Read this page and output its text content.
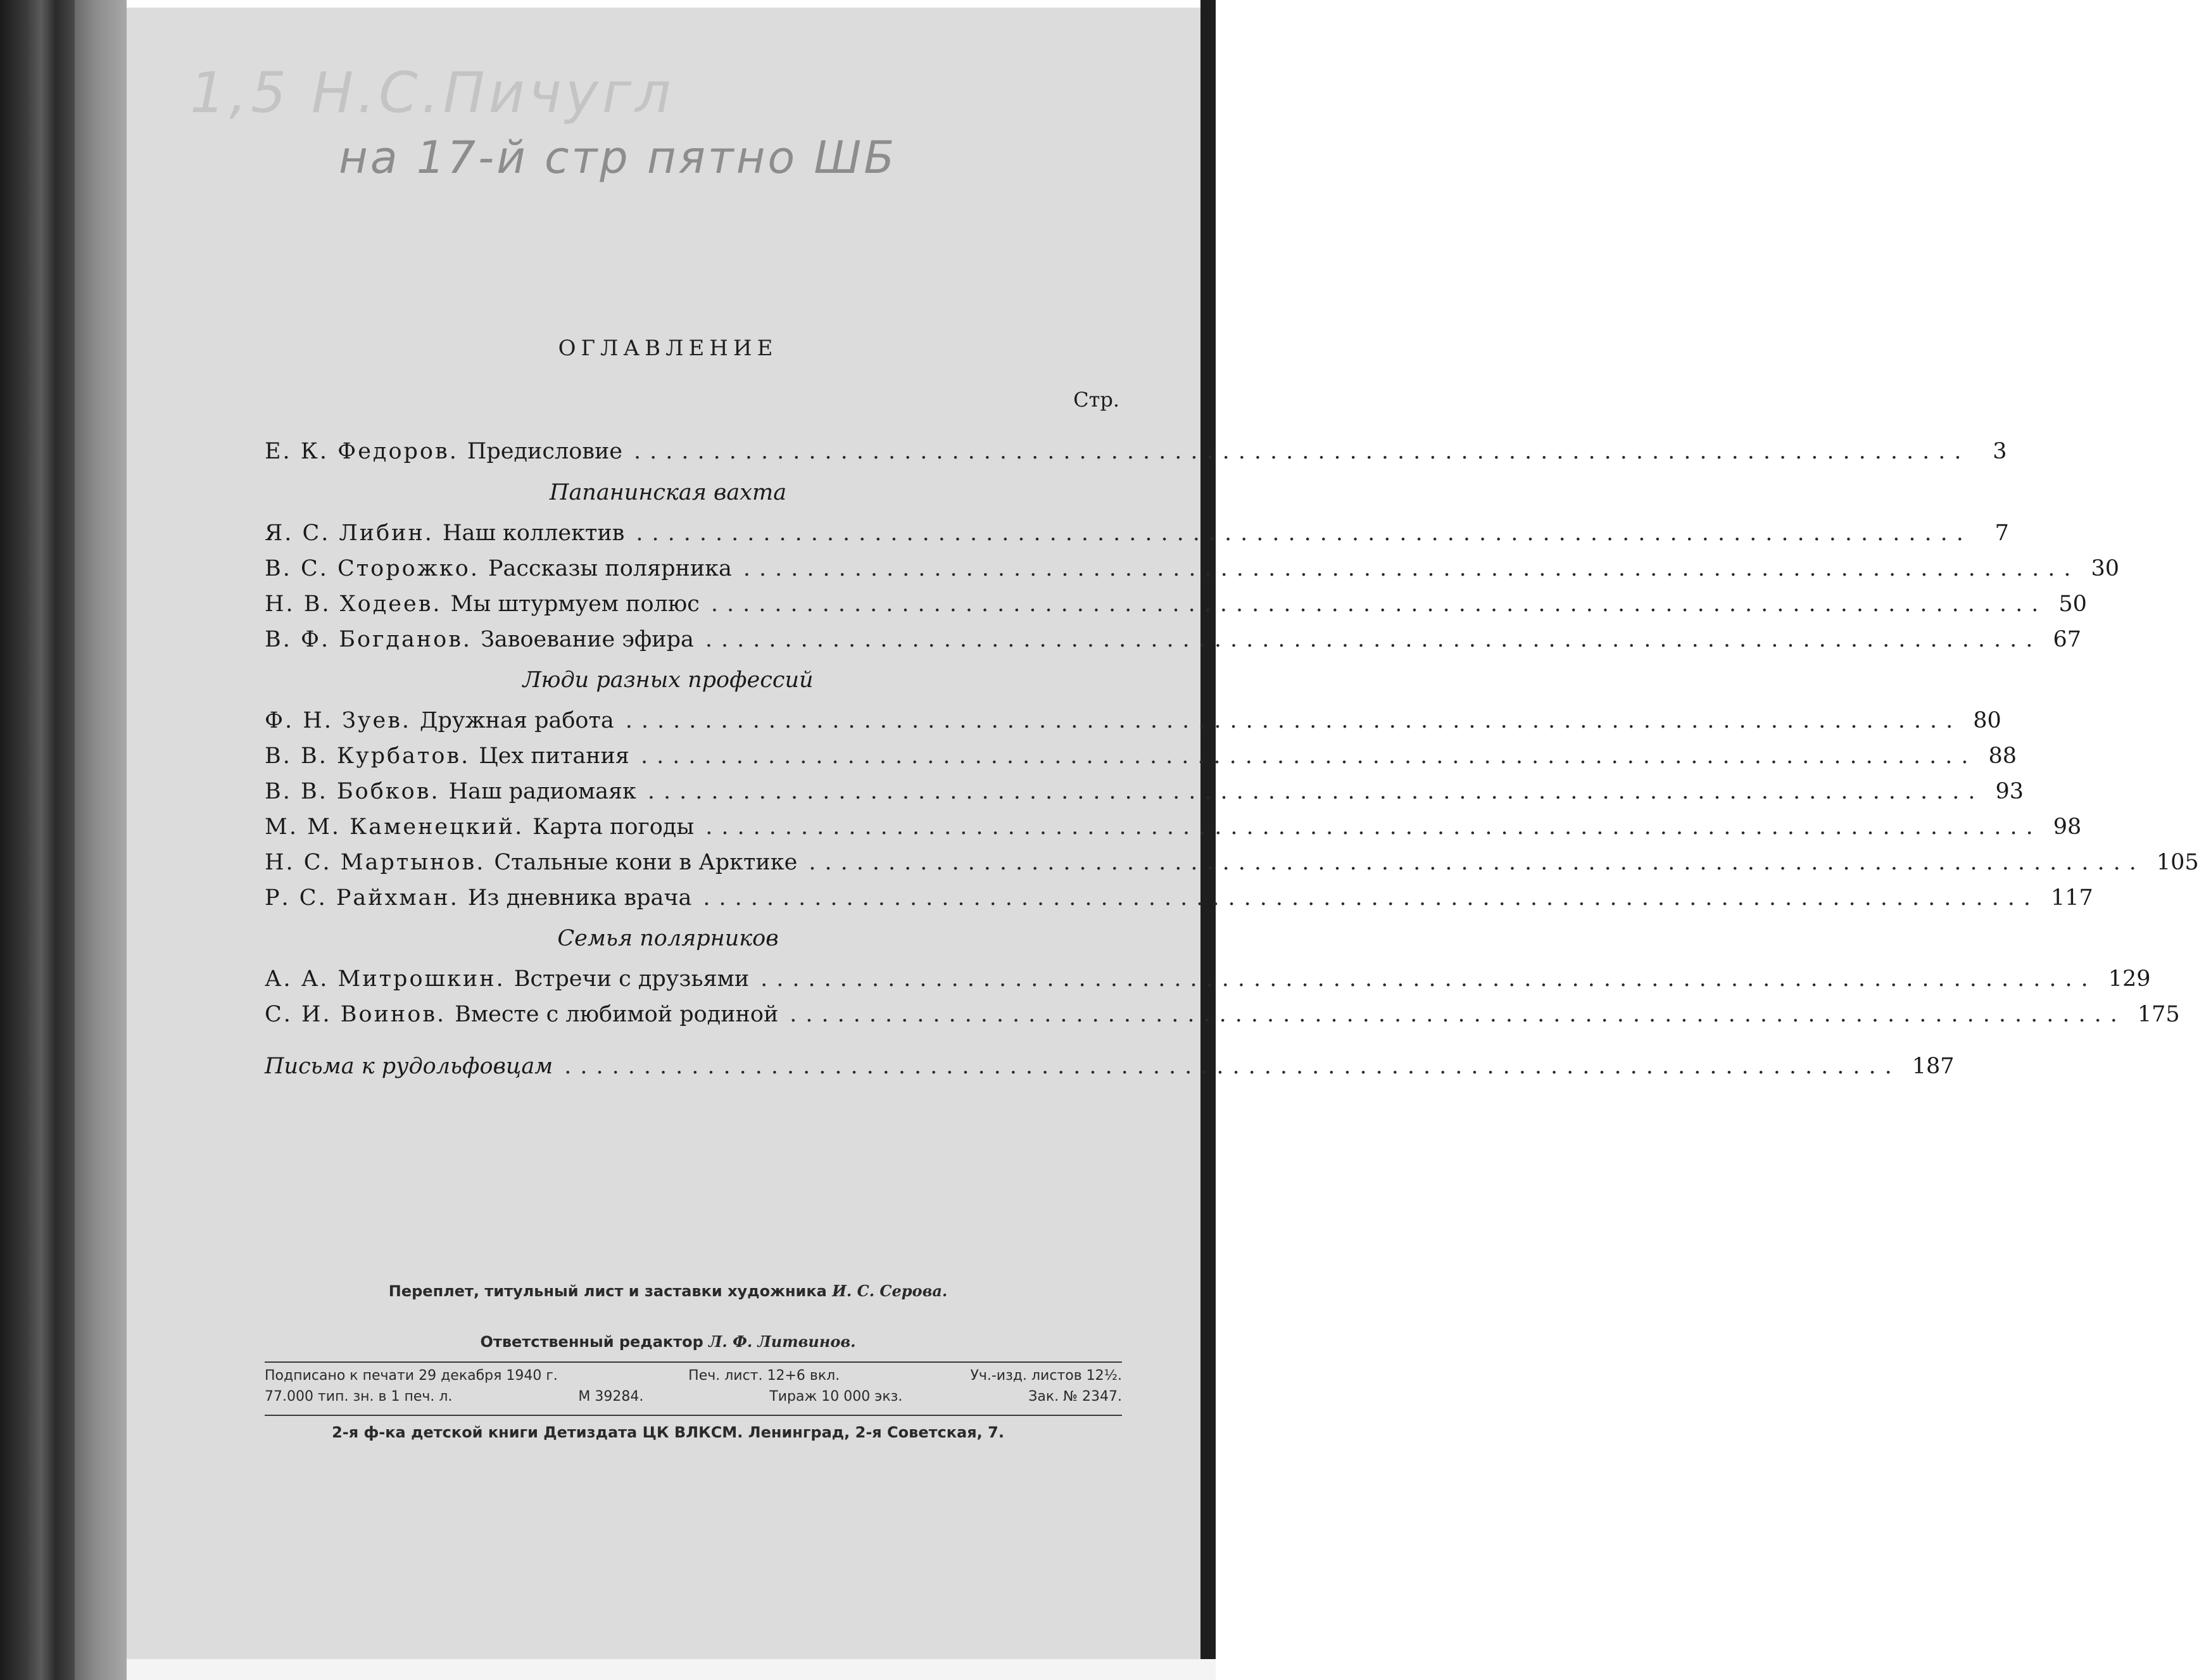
1,5 Н.С.Пичугл
на 17-й стр пятно ШБ
ОГЛАВЛЕНИЕ
Стр.
Е. К. Федоров. Предисловие ....................................................................................	3
Папанинская вахта
Я. С. Либин. Наш коллектив ....................................................................................	7
В. С. Сторожко. Рассказы полярника .................................................................................... 30
Н. В. Ходеев. Мы штурмуем полюс .................................................................................... 50
В. Ф. Богданов. Завоевание эфира .................................................................................... 67
Люди разных профессий
Ф. Н. Зуев. Дружная работа .................................................................................... 80
В. В. Курбатов. Цех питания .................................................................................... 88
В. В. Бобков. Наш радиомаяк .................................................................................... 93
М. М. Каменецкий. Карта погоды .................................................................................... 98
Н. С. Мартынов. Стальные кони в Арктике .................................................................................... 105
Р. С. Райхман. Из дневника врача .................................................................................... 117
Семья полярников
А. А. Митрошкин. Встречи с друзьями .................................................................................... 129
С. И. Воинов. Вместе с любимой родиной .................................................................................... 175
Письма к рудольфовцам .................................................................................... 187
Переплет, титульный лист и заставки художника И. С. Серова.
Ответственный редактор Л. Ф. Литвинов.
Подписано к печати 29 декабря 1940 г.	Печ. лист. 12+6 вкл.	Уч.-изд. листов 12½.
77.000 тип. зн. в 1 печ. л.	М 39284.	Тираж 10 000 экз.	Зак. № 2347.
2-я ф-ка детской книги Детиздата ЦК ВЛКСМ. Ленинград, 2-я Советская, 7.
